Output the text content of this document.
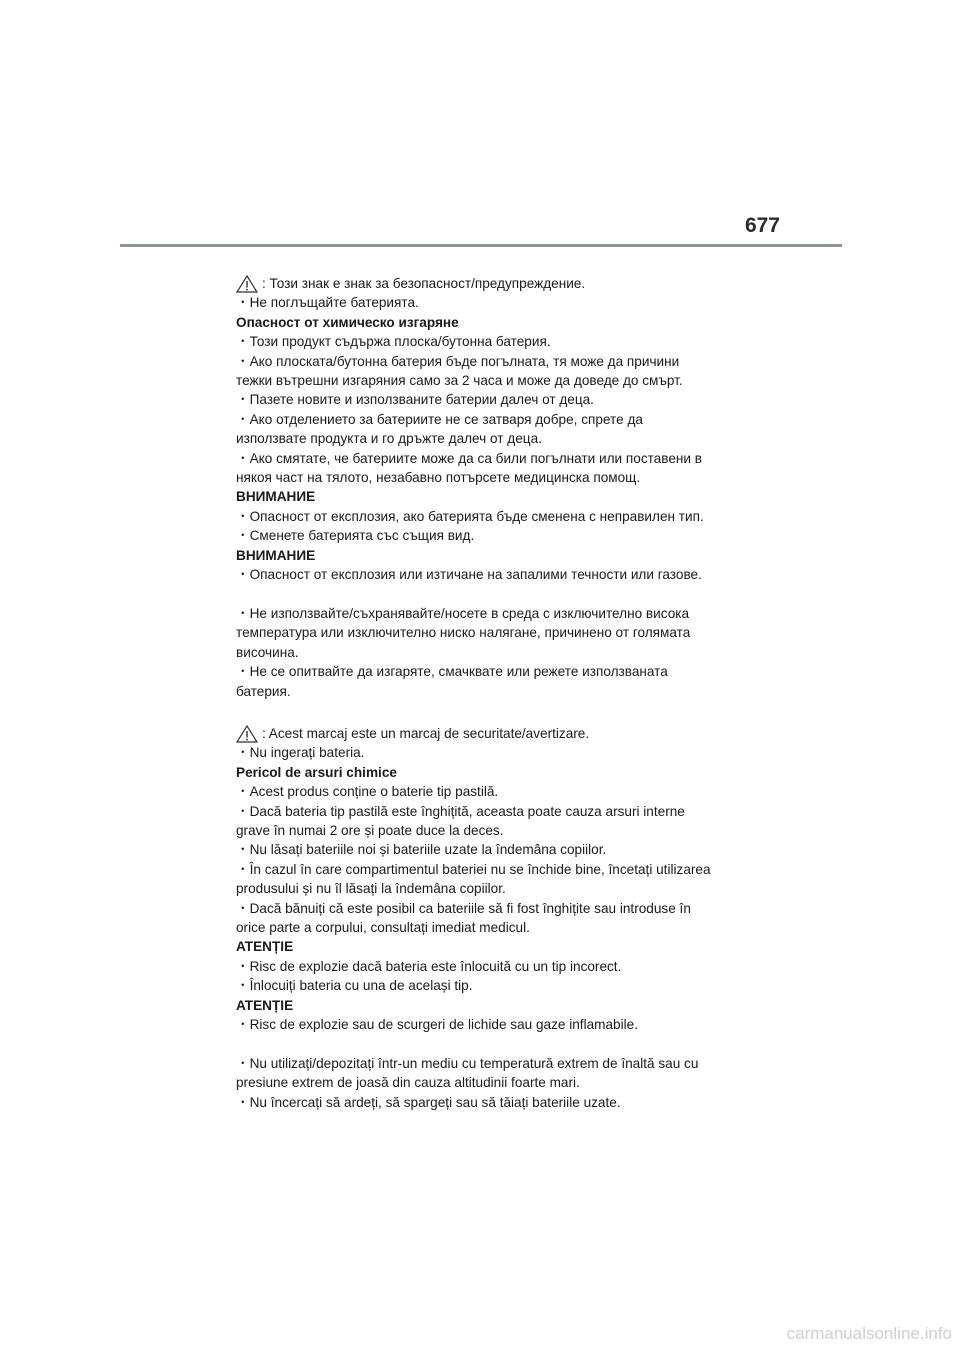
677
: Този знак е знак за безопасност/предупреждение.
・Не поглъщайте батерията.
Опасност от химическо изгаряне
・Този продукт съдържа плоска/бутонна батерия.
・Ако плоската/бутонна батерия бъде погълната, тя може да причини
тежки вътрешни изгаряния само за 2 часа и може да доведе до смърт.
・Пазете новите и използваните батерии далеч от деца.
・Ако отделението за батериите не се затваря добре, спрете да
използвате продукта и го дръжте далеч от деца.
・Ако смятате, че батериите може да са били погълнати или поставени в
някоя част на тялото, незабавно потърсете медицинска помощ.
ВНИМАНИЕ
・Опасност от експлозия, ако батерията бъде сменена с неправилен тип.
・Сменете батерията със същия вид.
ВНИМАНИЕ
・Опасност от експлозия или изтичане на запалими течности или газове.
・Не използвайте/съхранявайте/носете в среда с изключително висока
температура или изключително ниско налягане, причинено от голямата
височина.
・Не се опитвайте да изгаряте, смачквате или режете използваната
батерия.
: Acest marcaj este un marcaj de securitate/avertizare.
・Nu ingerați bateria.
Pericol de arsuri chimice
・Acest produs conține o baterie tip pastilă.
・Dacă bateria tip pastilă este înghițită, aceasta poate cauza arsuri interne
grave în numai 2 ore și poate duce la deces.
・Nu lăsați bateriile noi și bateriile uzate la îndemâna copiilor.
・În cazul în care compartimentul bateriei nu se închide bine, încetați utilizarea
produsului și nu îl lăsați la îndemâna copiilor.
・Dacă bănuiți că este posibil ca bateriile să fi fost înghițite sau introduse în
orice parte a corpului, consultați imediat medicul.
ATENȚIE
・Risc de explozie dacă bateria este înlocuită cu un tip incorect.
・Înlocuiți bateria cu una de același tip.
ATENȚIE
・Risc de explozie sau de scurgeri de lichide sau gaze inflamabile.
・Nu utilizați/depozitați într-un mediu cu temperatură extrem de înaltă sau cu
presiune extrem de joasă din cauza altitudinii foarte mari.
・Nu încercați să ardeți, să spargeți sau să tăiați bateriile uzate.
carmanualsonline.info
